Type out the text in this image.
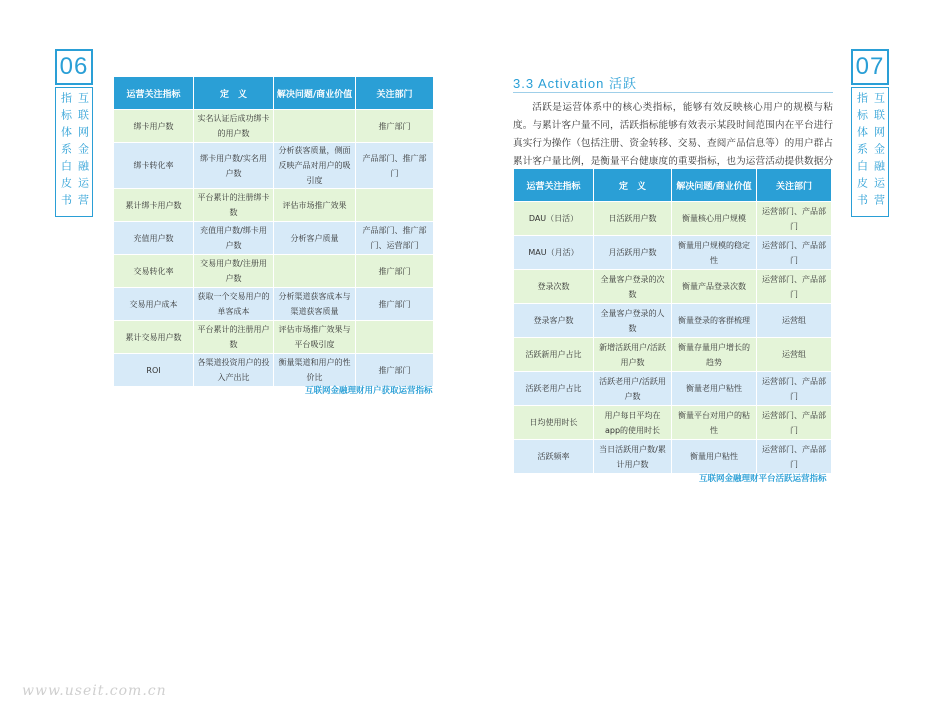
06
指标体系白皮书 互联网金融运营
07
指标体系白皮书 互联网金融运营
运营关注指标	定　义	解决问题/商业价值	关注部门
绑卡用户数	实名认证后成功绑卡的用户数		推广部门
绑卡转化率	绑卡用户数/实名用户数	分析获客质量，侧面反映产品对用户的吸引度	产品部门、推广部门
累计绑卡用户数	平台累计的注册绑卡数	评估市场推广效果	
充值用户数	充值用户数/绑卡用户数	分析客户质量	产品部门、推广部门、运营部门
交易转化率	交易用户数/注册用户数		推广部门
交易用户成本	获取一个交易用户的单客成本	分析渠道获客成本与渠道获客质量	推广部门
累计交易用户数	平台累计的注册用户数	评估市场推广效果与平台吸引度	
ROI	各渠道投资用户的投入产出比	衡量渠道和用户的性价比	推广部门
互联网金融理财用户获取运营指标
3.3 Activation 活跃
活跃是运营体系中的核心类指标，能够有效反映核心用户的规模与粘度。与累计客户量不同，活跃指标能够有效表示某段时间范围内在平台进行真实行为操作（包括注册、资金转移、交易、查阅产品信息等）的用户群占累计客户量比例，是衡量平台健康度的重要指标，也为运营活动提供数据分
运营关注指标	定　义	解决问题/商业价值	关注部门
DAU（日活）	日活跃用户数	衡量核心用户规模	运营部门、产品部门
MAU（月活）	月活跃用户数	衡量用户规模的稳定性	运营部门、产品部门
登录次数	全量客户登录的次数	衡量产品登录次数	运营部门、产品部门
登录客户数	全量客户登录的人数	衡量登录的客群梳理	运营组
活跃新用户占比	新增活跃用户/活跃用户数	衡量存量用户增长的趋势	运营组
活跃老用户占比	活跃老用户/活跃用户数	衡量老用户粘性	运营部门、产品部门
日均使用时长	用户每日平均在app的使用时长	衡量平台对用户的粘性	运营部门、产品部门
活跃频率	当日活跃用户数/累计用户数	衡量用户粘性	运营部门、产品部门
互联网金融理财平台活跃运营指标
www.useit.com.cn
